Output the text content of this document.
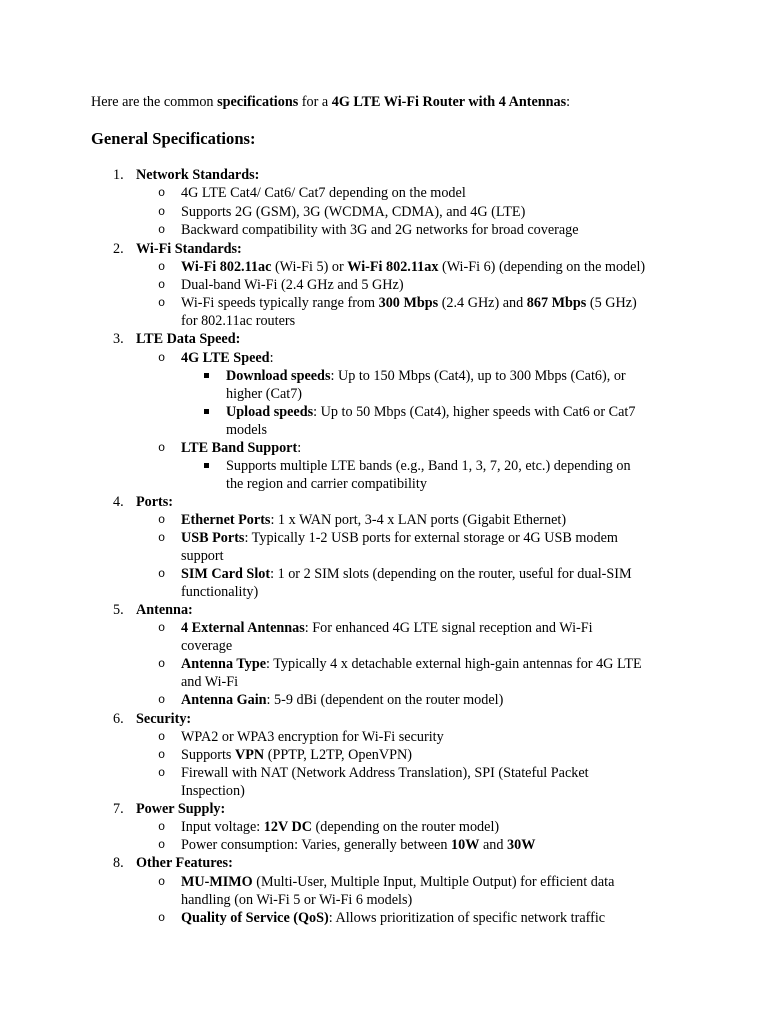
Here are the common specifications for a 4G LTE Wi-Fi Router with 4 Antennas:
General Specifications:
1. Network Standards:
o 4G LTE Cat4/ Cat6/ Cat7 depending on the model
o Supports 2G (GSM), 3G (WCDMA, CDMA), and 4G (LTE)
o Backward compatibility with 3G and 2G networks for broad coverage
2. Wi-Fi Standards:
o Wi-Fi 802.11ac (Wi-Fi 5) or Wi-Fi 802.11ax (Wi-Fi 6) (depending on the model)
o Dual-band Wi-Fi (2.4 GHz and 5 GHz)
o Wi-Fi speeds typically range from 300 Mbps (2.4 GHz) and 867 Mbps (5 GHz)
for 802.11ac routers
3. LTE Data Speed:
o 4G LTE Speed:
Download speeds: Up to 150 Mbps (Cat4), up to 300 Mbps (Cat6), or
higher (Cat7)
Upload speeds: Up to 50 Mbps (Cat4), higher speeds with Cat6 or Cat7
models
o LTE Band Support:
Supports multiple LTE bands (e.g., Band 1, 3, 7, 20, etc.) depending on
the region and carrier compatibility
4. Ports:
o Ethernet Ports: 1 x WAN port, 3-4 x LAN ports (Gigabit Ethernet)
o USB Ports: Typically 1-2 USB ports for external storage or 4G USB modem
support
o SIM Card Slot: 1 or 2 SIM slots (depending on the router, useful for dual-SIM
functionality)
5. Antenna:
o 4 External Antennas: For enhanced 4G LTE signal reception and Wi-Fi
coverage
o Antenna Type: Typically 4 x detachable external high-gain antennas for 4G LTE
and Wi-Fi
o Antenna Gain: 5-9 dBi (dependent on the router model)
6. Security:
o WPA2 or WPA3 encryption for Wi-Fi security
o Supports VPN (PPTP, L2TP, OpenVPN)
o Firewall with NAT (Network Address Translation), SPI (Stateful Packet
Inspection)
7. Power Supply:
o Input voltage: 12V DC (depending on the router model)
o Power consumption: Varies, generally between 10W and 30W
8. Other Features:
o MU-MIMO (Multi-User, Multiple Input, Multiple Output) for efficient data
handling (on Wi-Fi 5 or Wi-Fi 6 models)
o Quality of Service (QoS): Allows prioritization of specific network traffic
